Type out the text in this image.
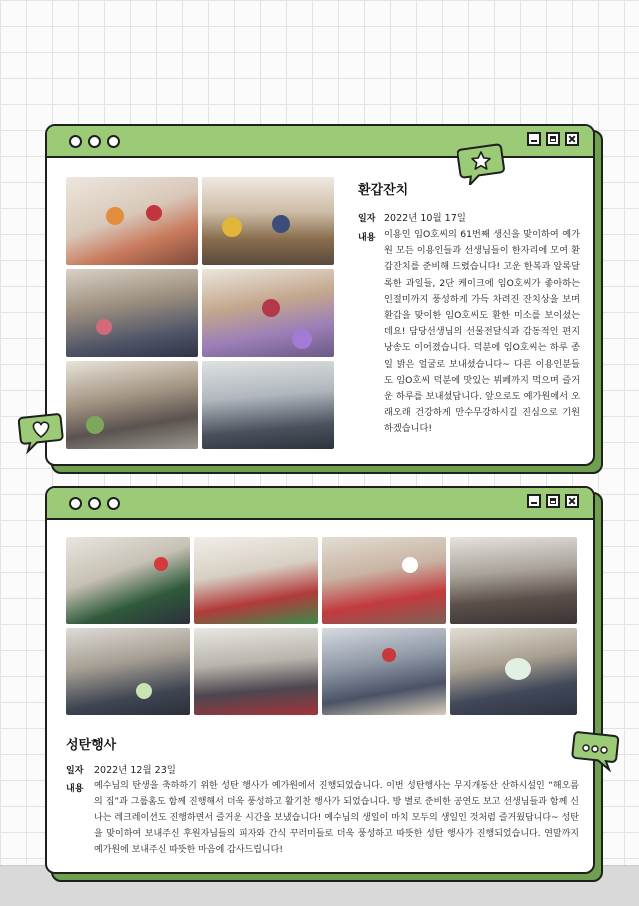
환갑잔치
일자 2022년 10월 17일
내용 이용인 임O호씨의 61번째 생신을 맞이하여 예가원 모든 이용인들과 선생님들이 한자리에 모여 환갑잔치를 준비해 드렸습니다! 고운 한복과 알록달록한 과일들, 2단 케이크에 임O호씨가 좋아하는 인절미까지 풍성하게 가득 차려진 잔치상을 보며 환갑을 맞이한 임O호씨도 환한 미소를 보이셨는데요! 담당선생님의 선물전달식과 감동적인 편지 낭송도 이어졌습니다. 덕분에 임O호씨는 하루 종일 밝은 얼굴로 보내셨습니다~ 다른 이용인분들도 임O호씨 덕분에 맛있는 뷔페까지 먹으며 즐거운 하루를 보내셨답니다. 앞으로도 예가원에서 오래오래 건강하게 만수무강하시길 진심으로 기원하겠습니다!
성탄행사
일자 2022년 12월 23일
내용 예수님의 탄생을 축하하기 위한 성탄 행사가 예가원에서 진행되었습니다. 이번 성탄행사는 무지개동산 산하시설인 “해오름의 집”과 그룹홈도 함께 진행해서 더욱 풍성하고 활기찬 행사가 되었습니다. 방 별로 준비한 공연도 보고 선생님들과 함께 신나는 레크레이션도 진행하면서 즐거운 시간을 보냈습니다! 예수님의 생일이 마치 모두의 생일인 것처럼 즐거웠답니다~ 성탄을 맞이하여 보내주신 후원자님들의 피자와 간식 꾸러미들로 더욱 풍성하고 따뜻한 성탄 행사가 진행되었습니다. 연말까지 예가원에 보내주신 따뜻한 마음에 감사드립니다!
